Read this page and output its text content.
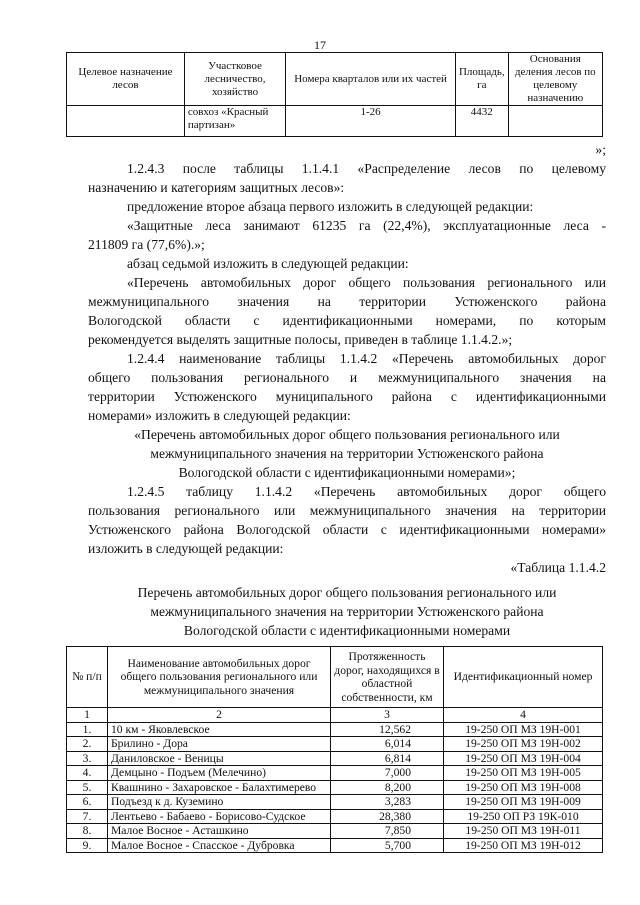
17
Целевое назначение лесов	Участковое лесничество, хозяйство	Номера кварталов или их частей	Площадь, га	Основания деления лесов по целевому назначению
	совхоз «Красный партизан»	1-26	4432	
»;
1.2.4.3 после таблицы 1.1.4.1 «Распределение лесов по целевому
назначению и категориям защитных лесов»:
предложение второе абзаца первого изложить в следующей редакции:
«Защитные леса занимают 61235 га (22,4%), эксплуатационные леса -
211809 га (77,6%).»;
абзац седьмой изложить в следующей редакции:
«Перечень автомобильных дорог общего пользования регионального или
межмуниципального значения на территории Устюженского района
Вологодской области с идентификационными номерами, по которым
рекомендуется выделять защитные полосы, приведен в таблице 1.1.4.2.»;
1.2.4.4 наименование таблицы 1.1.4.2 «Перечень автомобильных дорог
общего пользования регионального и межмуниципального значения на
территории Устюженского муниципального района с идентификационными
номерами» изложить в следующей редакции:
«Перечень автомобильных дорог общего пользования регионального или
межмуниципального значения на территории Устюженского района
Вологодской области с идентификационными номерами»;
1.2.4.5 таблицу 1.1.4.2 «Перечень автомобильных дорог общего
пользования регионального или межмуниципального значения на территории
Устюженского района Вологодской области с идентификационными номерами»
изложить в следующей редакции:
«Таблица 1.1.4.2
Перечень автомобильных дорог общего пользования регионального или
межмуниципального значения на территории Устюженского района
Вологодской области с идентификационными номерами
№ п/п	Наименование автомобильных дорог общего пользования регионального или межмуниципального значения	Протяженность дорог, находящихся в областной собственности, км	Идентификационный номер
1	2	3	4
1.	10 км - Яковлевское	12,562	19-250 ОП МЗ 19Н-001
2.	Брилино - Дора	6,014	19-250 ОП МЗ 19Н-002
3.	Даниловское - Веницы	6,814	19-250 ОП МЗ 19Н-004
4.	Демцыно - Подъем (Мелечино)	7,000	19-250 ОП МЗ 19Н-005
5.	Квашнино - Захаровское - Балахтимерево	8,200	19-250 ОП МЗ 19Н-008
6.	Подъезд к д. Куземино	3,283	19-250 ОП МЗ 19Н-009
7.	Лентьево - Бабаево - Борисово-Судское	28,380	19-250 ОП РЗ 19К-010
8.	Малое Восное - Асташкино	7,850	19-250 ОП МЗ 19Н-011
9.	Малое Восное - Спасское - Дубровка	5,700	19-250 ОП МЗ 19Н-012
